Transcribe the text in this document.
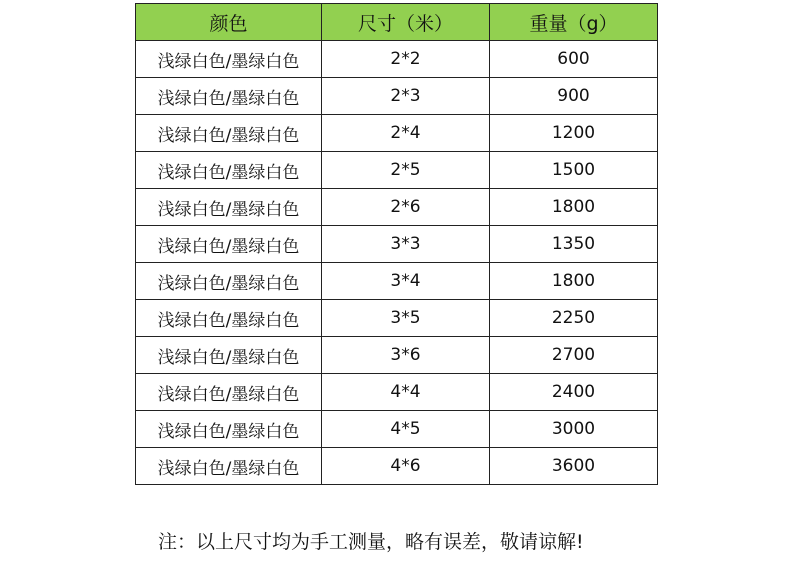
颜色	尺寸（米）	重量（g）
浅绿白色/墨绿白色	2*2	600
浅绿白色/墨绿白色	2*3	900
浅绿白色/墨绿白色	2*4	1200
浅绿白色/墨绿白色	2*5	1500
浅绿白色/墨绿白色	2*6	1800
浅绿白色/墨绿白色	3*3	1350
浅绿白色/墨绿白色	3*4	1800
浅绿白色/墨绿白色	3*5	2250
浅绿白色/墨绿白色	3*6	2700
浅绿白色/墨绿白色	4*4	2400
浅绿白色/墨绿白色	4*5	3000
浅绿白色/墨绿白色	4*6	3600
注：以上尺寸均为手工测量，略有误差，敬请谅解!
